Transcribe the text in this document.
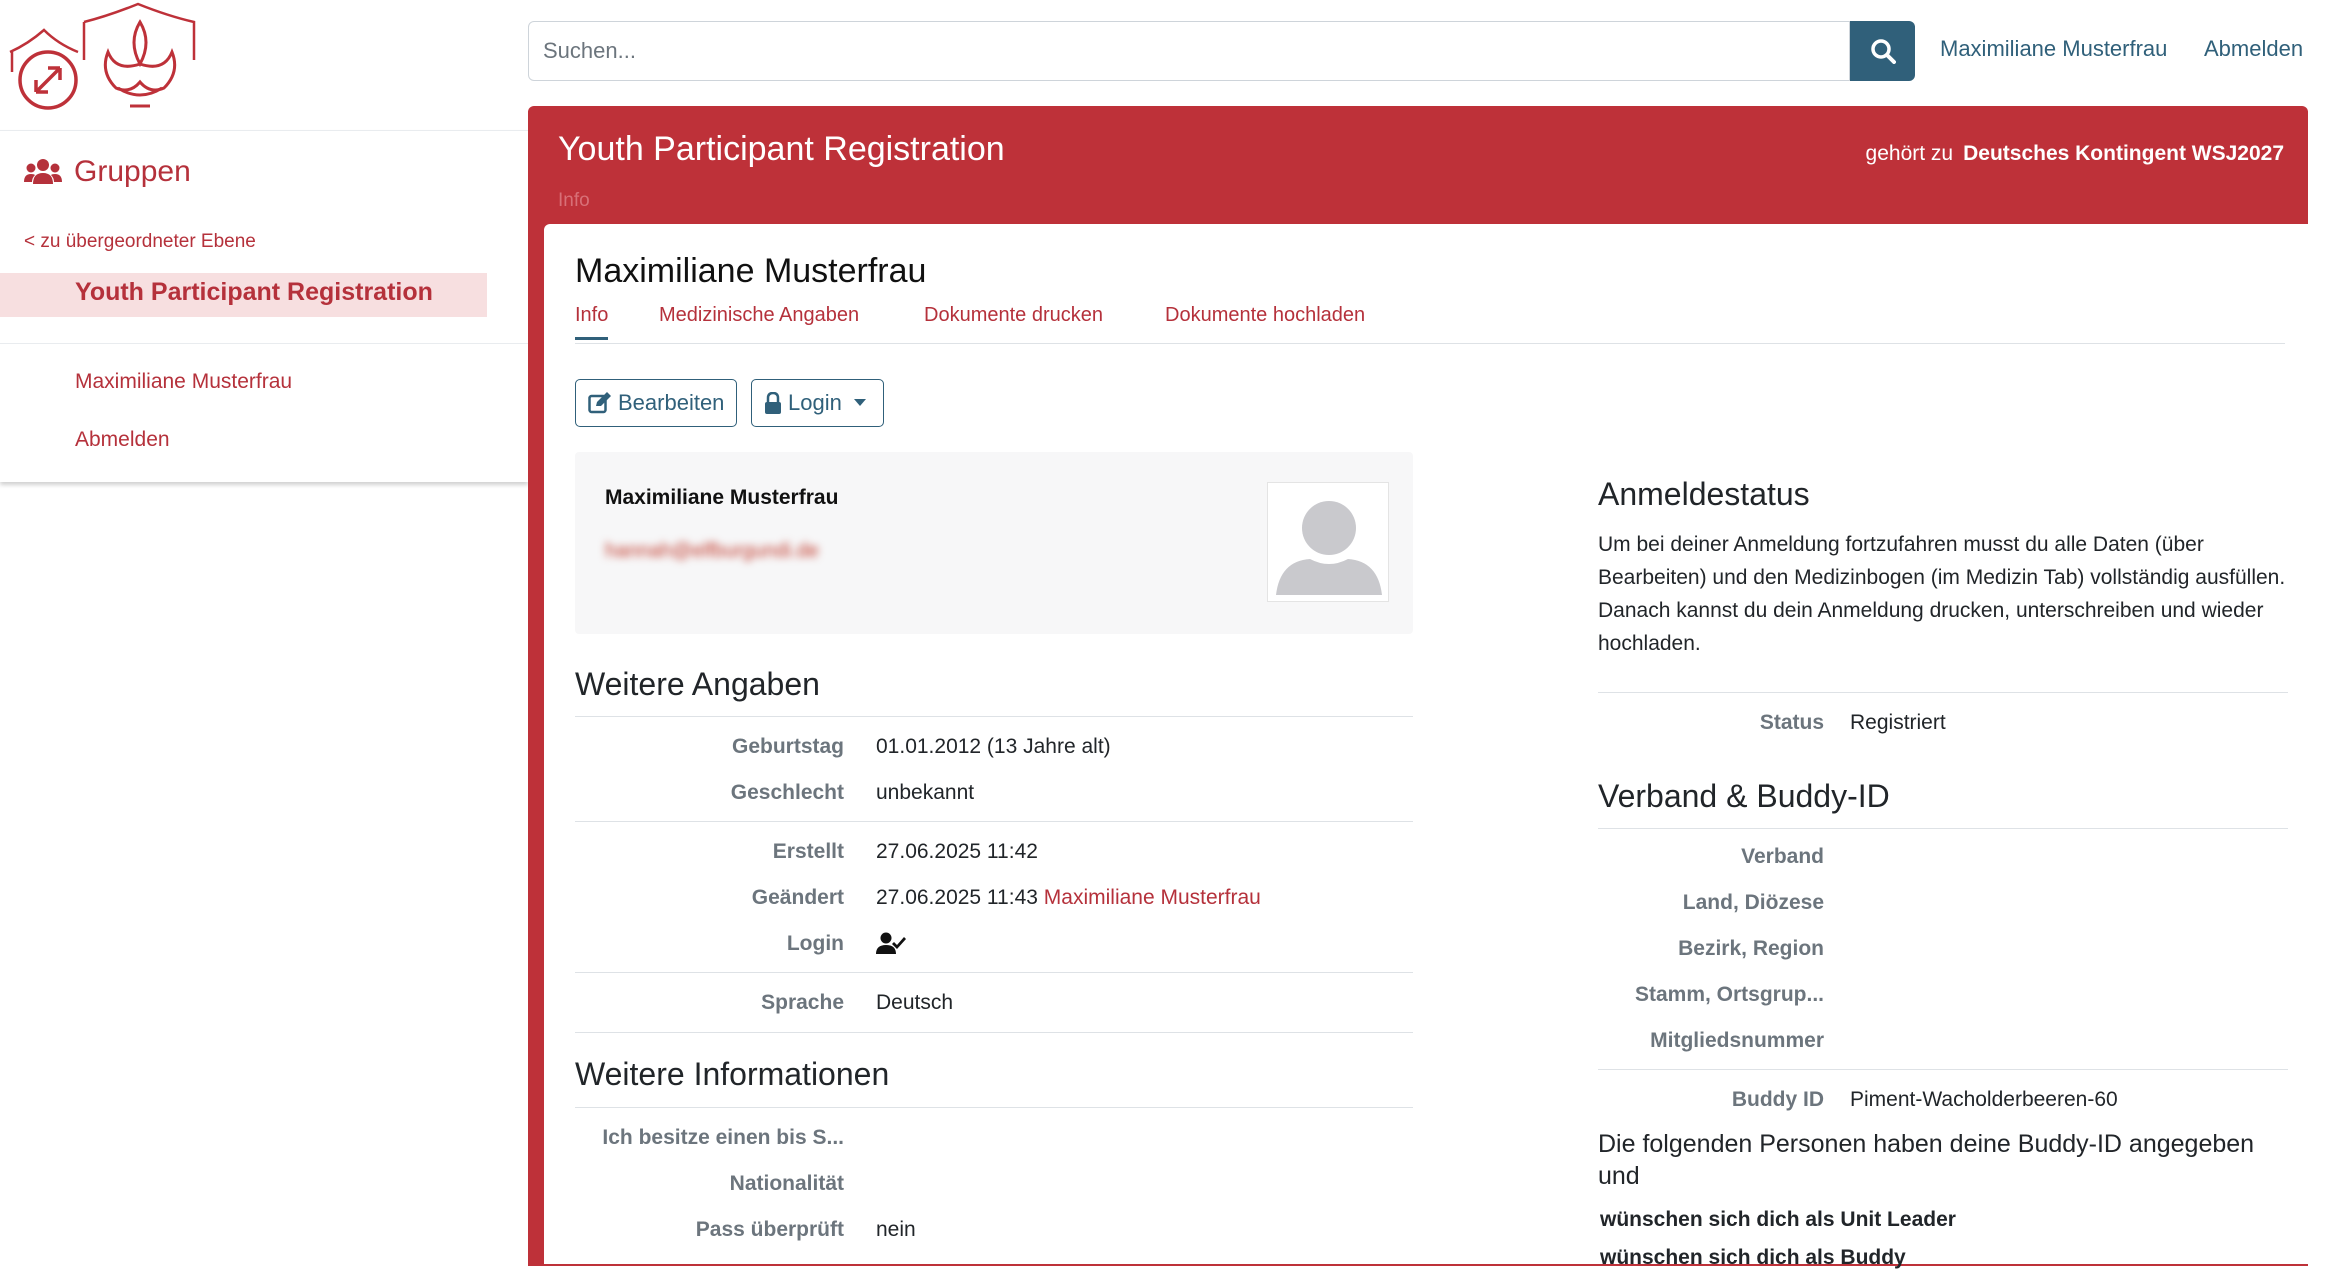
Suchen...
Maximiliane Musterfrau Abmelden
Gruppen
< zu übergeordneter Ebene
Youth Participant Registration
Maximiliane Musterfrau
Abmelden
Youth Participant Registration	gehört zu Deutsches Kontingent WSJ2027
Info
Maximiliane Musterfrau
Info	Medizinische Angaben	Dokumente drucken	Dokumente hochladen
Bearbeiten	Login
Maximiliane Musterfrau
hannah@elfburgundi.de
Weitere Angaben
Geburtstag 01.01.2012 (13 Jahre alt)
Geschlecht unbekannt
Erstellt 27.06.2025 11:42
Geändert 27.06.2025 11:43 Maximiliane Musterfrau
Login
Sprache Deutsch
Weitere Informationen
Ich besitze einen bis S...
Nationalität
Pass überprüft nein
Anmeldestatus
Um bei deiner Anmeldung fortzufahren musst du alle Daten (über Bearbeiten) und den Medizinbogen (im Medizin Tab) vollständig ausfüllen.
Danach kannst du dein Anmeldung drucken, unterschreiben und wieder hochladen.
Status Registriert
Verband & Buddy-ID
Verband
Land, Diözese
Bezirk, Region
Stamm, Ortsgrup...
Mitgliedsnummer
Buddy ID Piment-Wacholderbeeren-60
Die folgenden Personen haben deine Buddy-ID angegeben und
wünschen sich dich als Unit Leader
wünschen sich dich als Buddy
